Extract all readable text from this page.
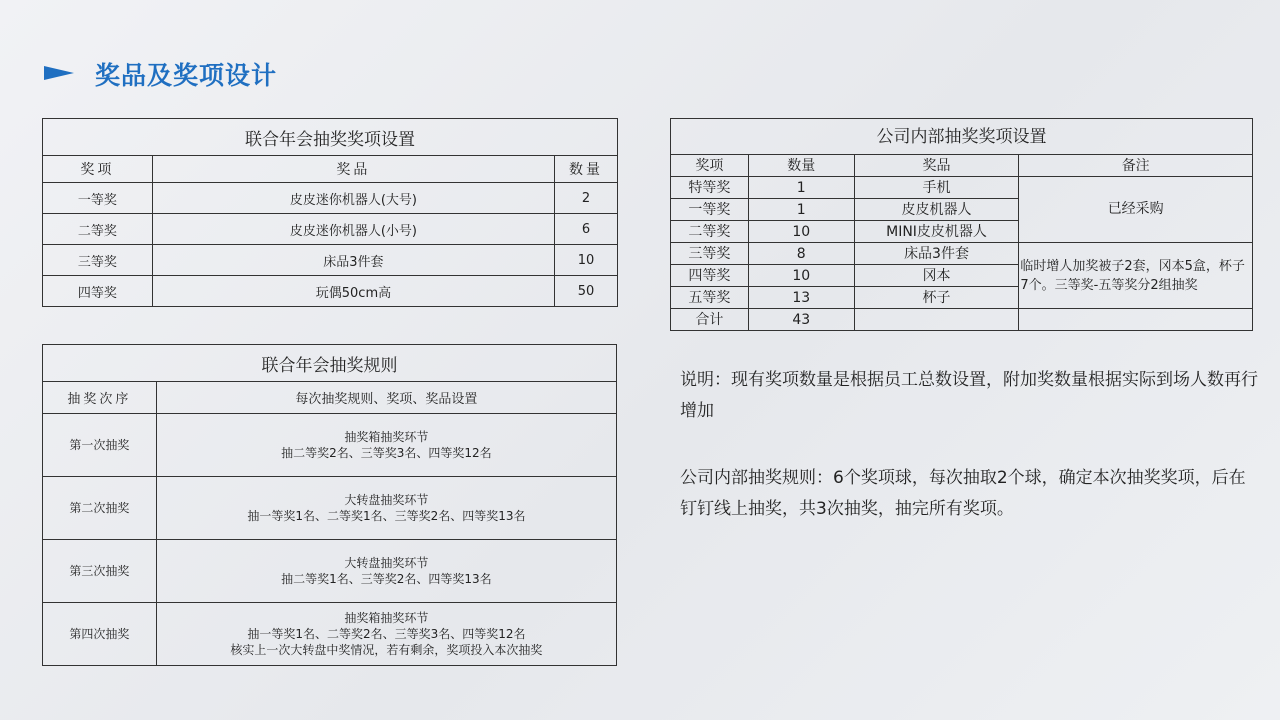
奖品及奖项设计
联合年会抽奖奖项设置		
奖项	奖品	数量
一等奖	皮皮迷你机器人(大号)	2
二等奖	皮皮迷你机器人(小号)	6
三等奖	床品3件套	10
四等奖	玩偶50cm高	50
联合年会抽奖规则	
抽奖次序	每次抽奖规则、奖项、奖品设置
第一次抽奖	抽奖箱抽奖环节
抽二等奖2名、三等奖3名、四等奖12名

第二次抽奖	大转盘抽奖环节
抽一等奖1名、二等奖1名、三等奖2名、四等奖13名

第三次抽奖	大转盘抽奖环节
抽二等奖1名、三等奖2名、四等奖13名

第四次抽奖	抽奖箱抽奖环节
抽一等奖1名、二等奖2名、三等奖3名、四等奖12名
核实上一次大转盘中奖情况，若有剩余，奖项投入本次抽奖
公司内部抽奖奖项设置			
奖项	数量	奖品	备注
特等奖	1	手机	已经采购
一等奖	1	皮皮机器人	
二等奖	10	MINI皮皮机器人	
三等奖	8	床品3件套	临时增人加奖被子2套，冈本5盒，杯子7个。三等奖-五等奖分2组抽奖
四等奖	10	冈本	
五等奖	13	杯子	
合计	43		
说明：现有奖项数量是根据员工总数设置，附加奖数量根据实际到场人数再行增加
公司内部抽奖规则：6个奖项球，每次抽取2个球，确定本次抽奖奖项，后在钉钉线上抽奖，共3次抽奖，抽完所有奖项。
